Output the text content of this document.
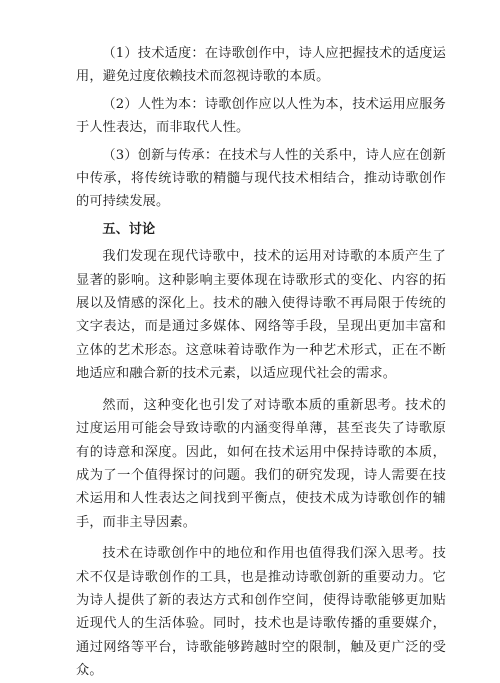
（1）技术适度：在诗歌创作中，诗人应把握技术的适度运用，避免过度依赖技术而忽视诗歌的本质。

（2）人性为本：诗歌创作应以人性为本，技术运用应服务于人性表达，而非取代人性。

（3）创新与传承：在技术与人性的关系中，诗人应在创新中传承，将传统诗歌的精髓与现代技术相结合，推动诗歌创作的可持续发展。

五、讨论

我们发现在现代诗歌中，技术的运用对诗歌的本质产生了显著的影响。这种影响主要体现在诗歌形式的变化、内容的拓展以及情感的深化上。技术的融入使得诗歌不再局限于传统的文字表达，而是通过多媒体、网络等手段，呈现出更加丰富和立体的艺术形态。这意味着诗歌作为一种艺术形式，正在不断地适应和融合新的技术元素，以适应现代社会的需求。

然而，这种变化也引发了对诗歌本质的重新思考。技术的过度运用可能会导致诗歌的内涵变得单薄，甚至丧失了诗歌原有的诗意和深度。因此，如何在技术运用中保持诗歌的本质，成为了一个值得探讨的问题。我们的研究发现，诗人需要在技术运用和人性表达之间找到平衡点，使技术成为诗歌创作的辅手，而非主导因素。

技术在诗歌创作中的地位和作用也值得我们深入思考。技术不仅是诗歌创作的工具，也是推动诗歌创新的重要动力。它为诗人提供了新的表达方式和创作空间，使得诗歌能够更加贴近现代人的生活体验。同时，技术也是诗歌传播的重要媒介，通过网络等平台，诗歌能够跨越时空的限制，触及更广泛的受众。
